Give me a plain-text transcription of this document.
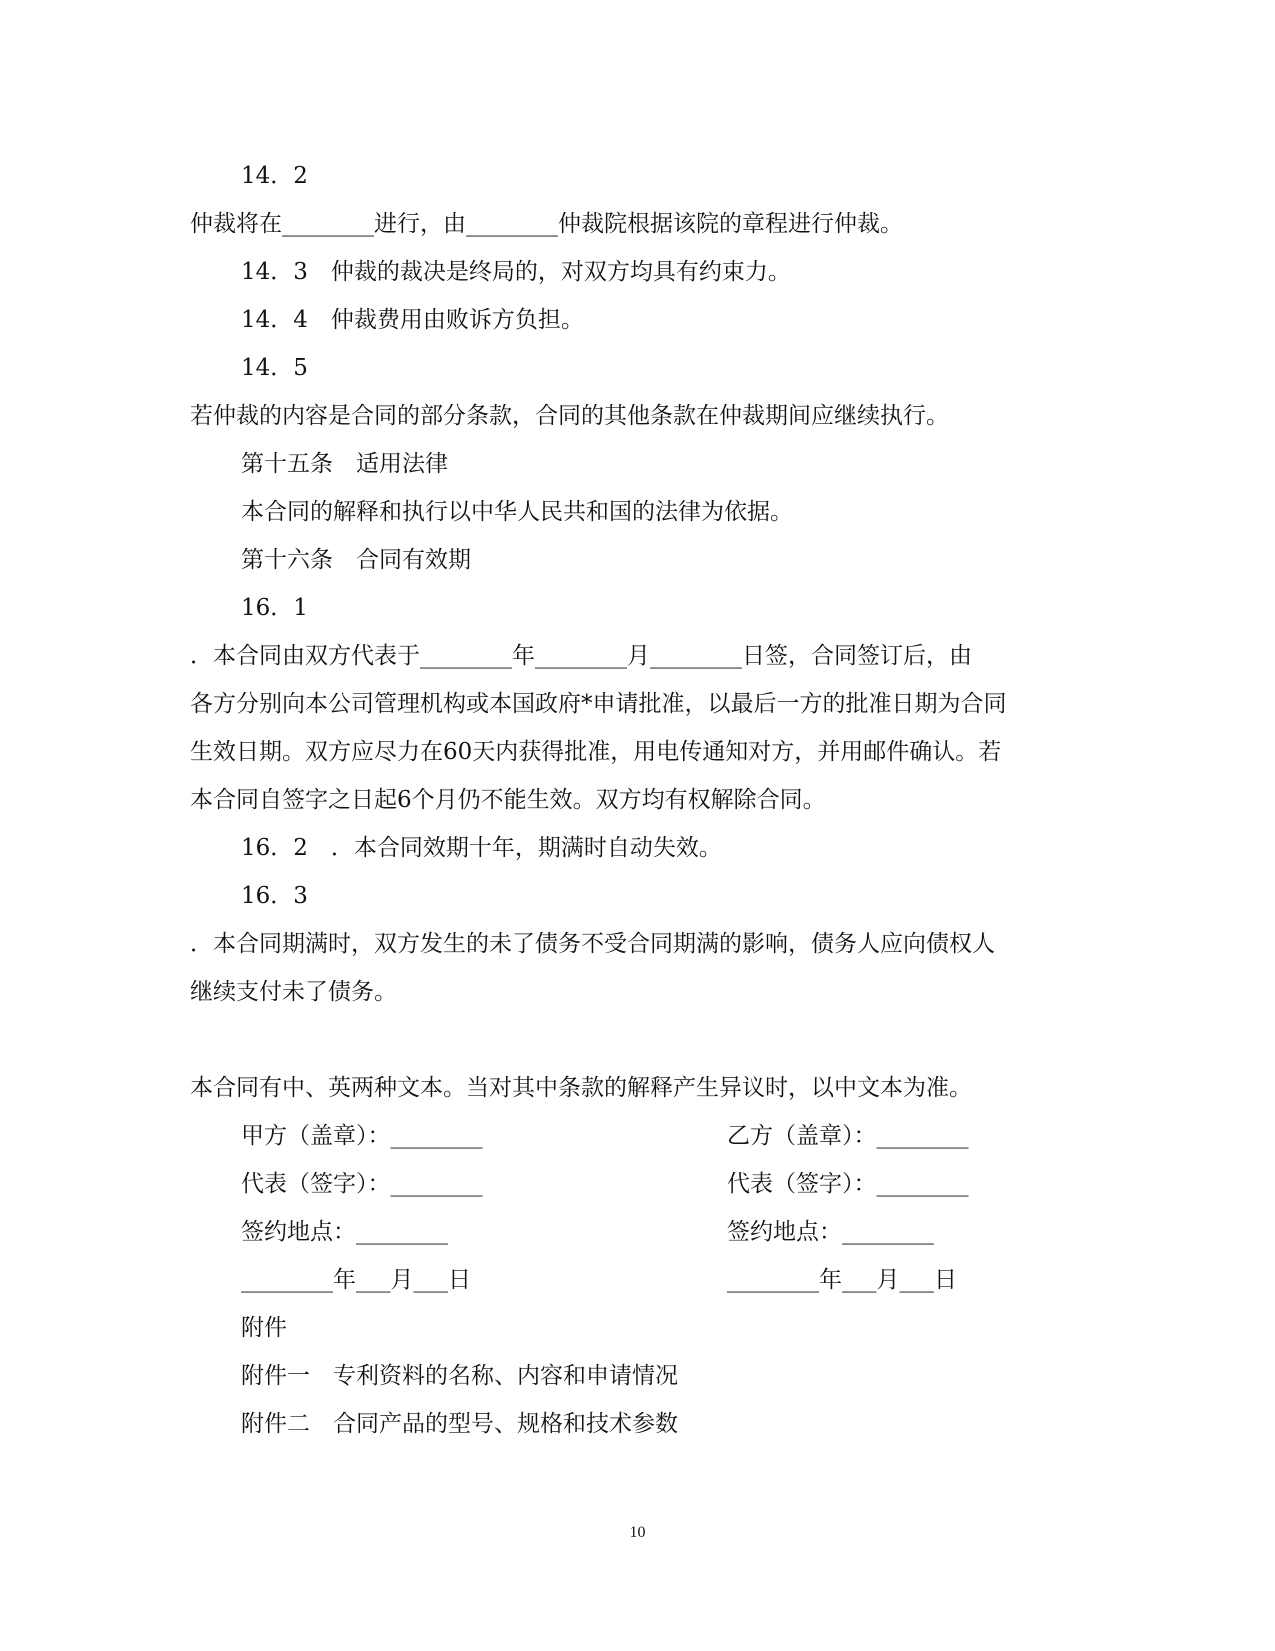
14．2
仲裁将在________进行，由________仲裁院根据该院的章程进行仲裁。
14．3　仲裁的裁决是终局的，对双方均具有约束力。
14．4　仲裁费用由败诉方负担。
14．5
若仲裁的内容是合同的部分条款，合同的其他条款在仲裁期间应继续执行。
第十五条　适用法律
本合同的解释和执行以中华人民共和国的法律为依据。
第十六条　合同有效期
16．1
．本合同由双方代表于________年________月________日签，合同签订后，由
各方分别向本公司管理机构或本国政府*申请批准，以最后一方的批准日期为合同
生效日期。双方应尽力在60天内获得批准，用电传通知对方，并用邮件确认。若
本合同自签字之日起6个月仍不能生效。双方均有权解除合同。
16．2　．本合同效期十年，期满时自动失效。
16．3
．本合同期满时，双方发生的未了债务不受合同期满的影响，债务人应向债权人
继续支付未了债务。
本合同有中、英两种文本。当对其中条款的解释产生异议时，以中文本为准。
甲方（盖章）：________	乙方（盖章）：________
代表（签字）：________	代表（签字）：________
签约地点：________	签约地点：________
________年___月___日	________年___月___日
附件
附件一　专利资料的名称、内容和申请情况
附件二　合同产品的型号、规格和技术参数
10
